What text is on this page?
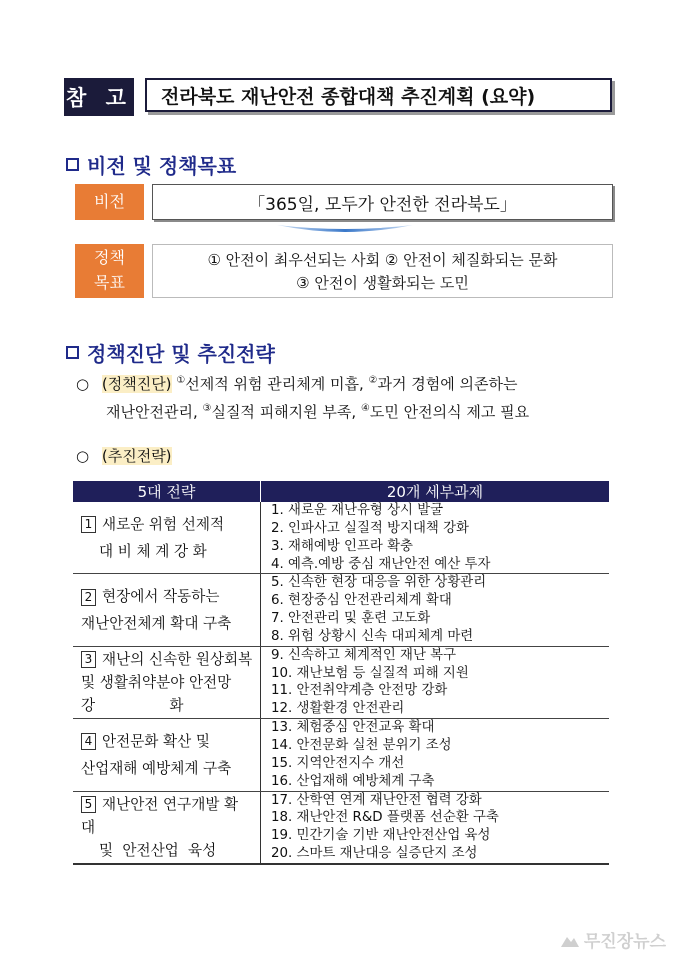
참 고 전라북도 재난안전 종합대책 추진계획 (요약)
비전 및 정책목표
비전	「365일, 모두가 안전한 전라북도」
정책
목표
① 안전이 최우선되는 사회 ② 안전이 체질화되는 문화
③ 안전이 생활화되는 도민
정책진단 및 추진전략
○ (정책진단) ①선제적 위험 관리체계 미흡, ②과거 경험에 의존하는
재난안전관리, ③실질적 피해지원 부족, ④도민 안전의식 제고 필요
○ (추진전략)
5대 전략	20개 세부과제

1 새로운 위험 선제적
대 비 체 계 강 화	1. 새로운 재난유형 상시 발굴
	2. 인파사고 실질적 방지대책 강화
	3. 재해예방 인프라 확충
	4. 예측.예방 중심 재난안전 예산 투자

2 현장에서 작동하는
재난안전체계 확대 구축	5. 신속한 현장 대응을 위한 상황관리
	6. 현장중심 안전관리체계 확대
	7. 안전관리 및 훈련 고도화
	8. 위험 상황시 신속 대피체계 마련

3 재난의 신속한 원상회복
및 생활취약분야 안전망
강                화	9. 신속하고 체계적인 재난 복구
	10. 재난보험 등 실질적 피해 지원
	11. 안전취약계층 안전망 강화
	12. 생활환경 안전관리

4 안전문화 확산 및
산업재해 예방체계 구축	13. 체험중심 안전교육 확대
	14. 안전문화 실천 분위기 조성
	15. 지역안전지수 개선
	16. 산업재해 예방체계 구축

5 재난안전 연구개발 확
대
및  안전산업  육성	17. 산학연 연계 재난안전 협력 강화
	18. 재난안전 R&D 플랫폼 선순환 구축
	19. 민간기술 기반 재난안전산업 육성
	20. 스마트 재난대응 실증단지 조성
무진장뉴스
